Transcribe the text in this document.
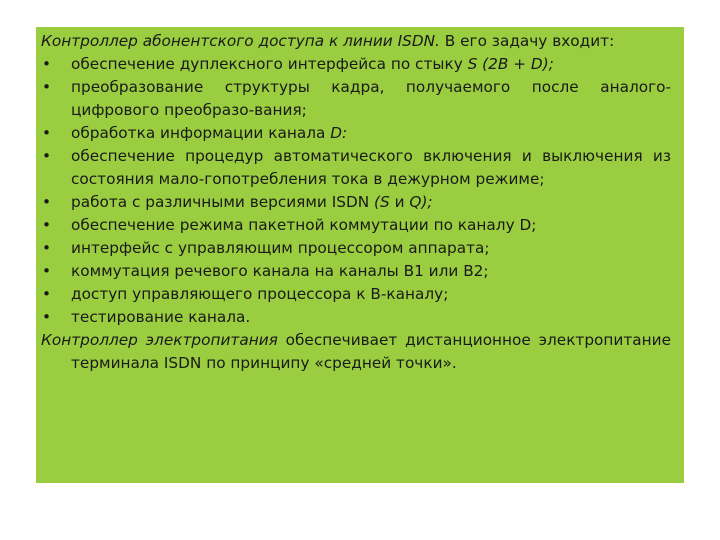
Контроллер абонентского доступа к линии ISDN. В его задачу входит:

•	обеспечение дуплексного интерфейса по стыку S (2B + D);
•	преобразование структуры кадра, получаемого после аналого-цифрового преобразо-вания;
•	обработка информации канала D:
•	обеспечение процедур автоматического включения и выключения из состояния мало-гопотребления тока в дежурном режиме;
•	работа с различными версиями ISDN (S и Q);
•	обеспечение режима пакетной коммутации по каналу D;
•	интерфейс с управляющим процессором аппарата;
•	коммутация речевого канала на каналы В1 или В2;
•	доступ управляющего процессора к В-каналу;
•	тестирование канала.

Контроллер электропитания обеспечивает дистанционное электропитание терминала ISDN по принципу «средней точки».
